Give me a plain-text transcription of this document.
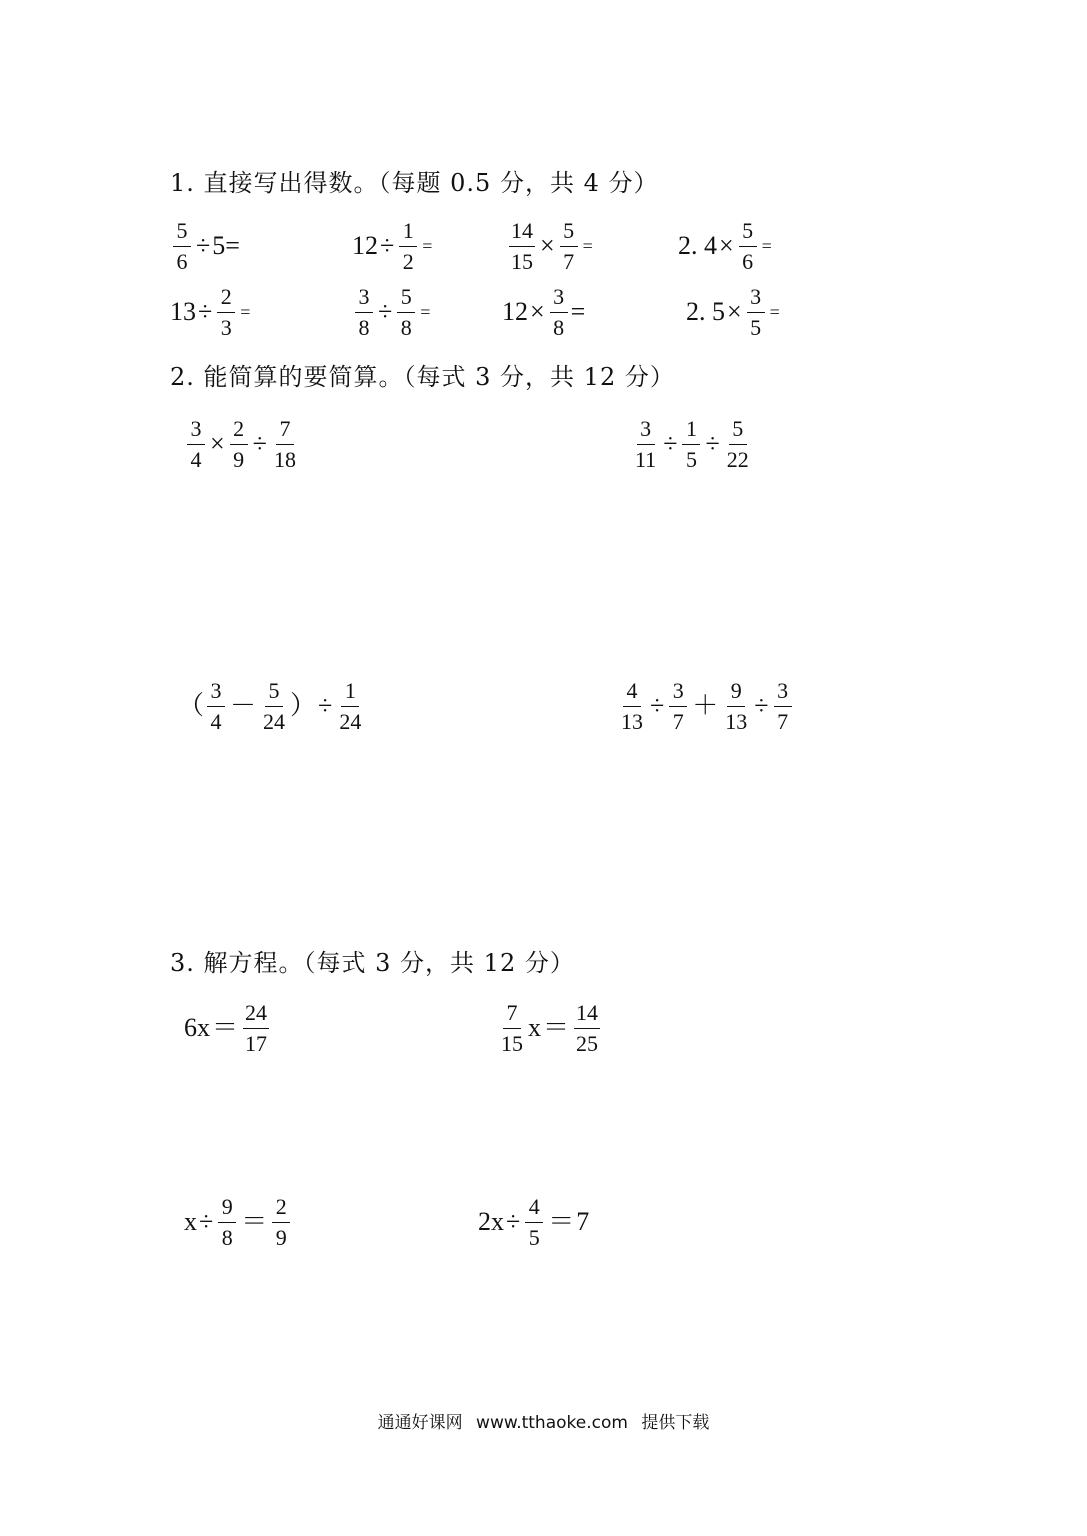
1. 直接写出得数。（每题 0.5 分，共 4 分）
$\frac{5}{6} \div 5$ =	$12 \div \frac{1}{2}$ =	$\frac{14}{15} \times \frac{5}{7}$ =	2. $4 \times \frac{5}{6}$ =
$13 \div \frac{2}{3}$ =	$\frac{3}{8} \div \frac{5}{8}$ =	$12 \times \frac{3}{8}$ =	2. $5 \times \frac{3}{5}$ =
2. 能简算的要简算。（每式 3 分，共 12 分）
$\frac{3}{4} \times \frac{2}{9} \div \frac{7}{18}$	$\frac{3}{11} \div \frac{1}{5} \div \frac{5}{22}$
（ $\frac{3}{4} - \frac{5}{24}$ ） ÷ $\frac{1}{24}$	$\frac{4}{13} \div \frac{3}{7} + \frac{9}{13} \div \frac{3}{7}$
3. 解方程。（每式 3 分，共 12 分）
$6x = \frac{24}{17}$	$\frac{7}{15}$ $x = \frac{14}{25}$
$x \div \frac{9}{8} = \frac{2}{9}$	$2x \div \frac{4}{5} = 7$
通通好课网 www.tthaoke.com 提供下载
